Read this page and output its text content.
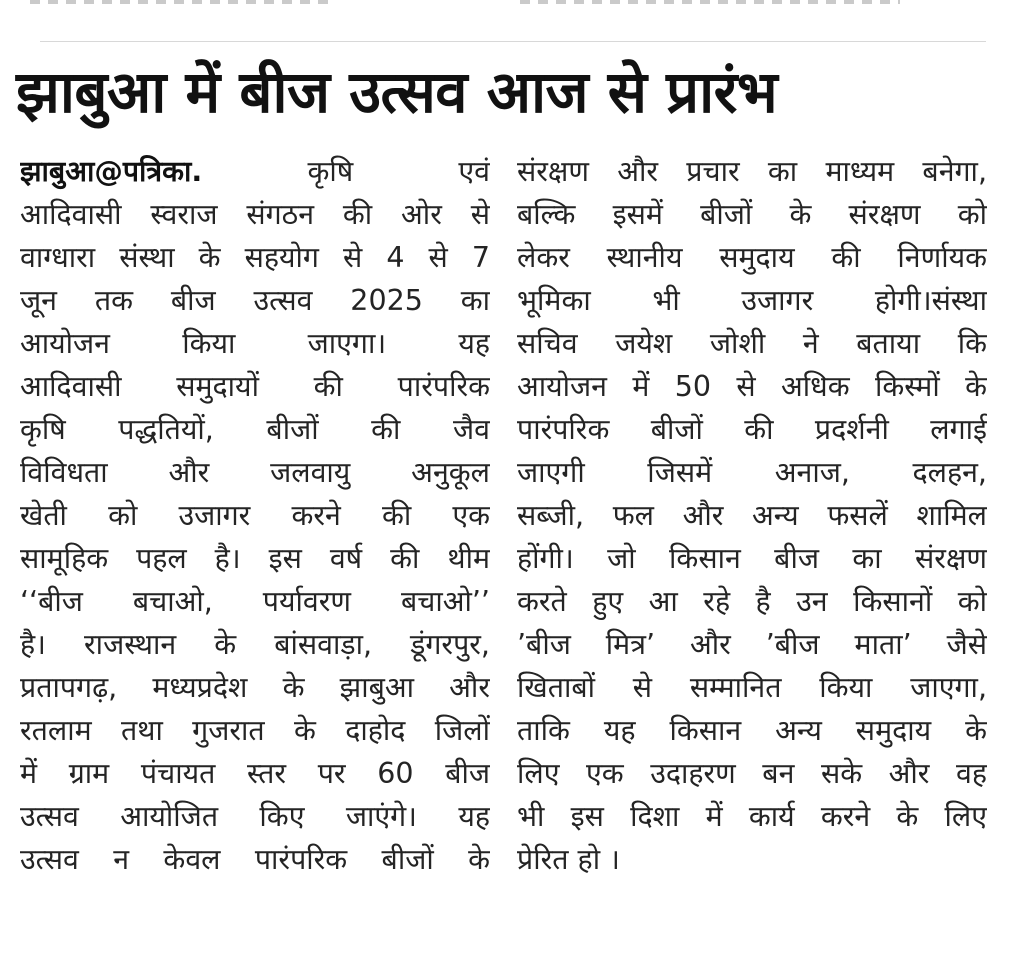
झाबुआ में बीज उत्सव आज से प्रारंभ
झाबुआ@पत्रिका. कृषि एवं
आदिवासी स्वराज संगठन की ओर से
वाग्धारा संस्था के सहयोग से 4 से 7
जून तक बीज उत्सव 2025 का
आयोजन किया जाएगा। यह
आदिवासी समुदायों की पारंपरिक
कृषि पद्धतियों, बीजों की जैव
विविधता और जलवायु अनुकूल
खेती को उजागर करने की एक
सामूहिक पहल है। इस वर्ष की थीम
‘‘बीज बचाओ, पर्यावरण बचाओ’’
है। राजस्थान के बांसवाड़ा, डूंगरपुर,
प्रतापगढ़, मध्यप्रदेश के झाबुआ और
रतलाम तथा गुजरात के दाहोद जिलों
में ग्राम पंचायत स्तर पर 60 बीज
उत्सव आयोजित किए जाएंगे। यह
उत्सव न केवल पारंपरिक बीजों के
संरक्षण और प्रचार का माध्यम बनेगा,
बल्कि इसमें बीजों के संरक्षण को
लेकर स्थानीय समुदाय की निर्णायक
भूमिका भी उजागर होगी।संस्था
सचिव जयेश जोशी ने बताया कि
आयोजन में 50 से अधिक किस्मों के
पारंपरिक बीजों की प्रदर्शनी लगाई
जाएगी जिसमें अनाज, दलहन,
सब्जी, फल और अन्य फसलें शामिल
होंगी। जो किसान बीज का संरक्षण
करते हुए आ रहे है उन किसानों को
’बीज मित्र’ और ’बीज माता’ जैसे
खिताबों से सम्मानित किया जाएगा,
ताकि यह किसान अन्य समुदाय के
लिए एक उदाहरण बन सके और वह
भी इस दिशा में कार्य करने के लिए
प्रेरित हो ।
